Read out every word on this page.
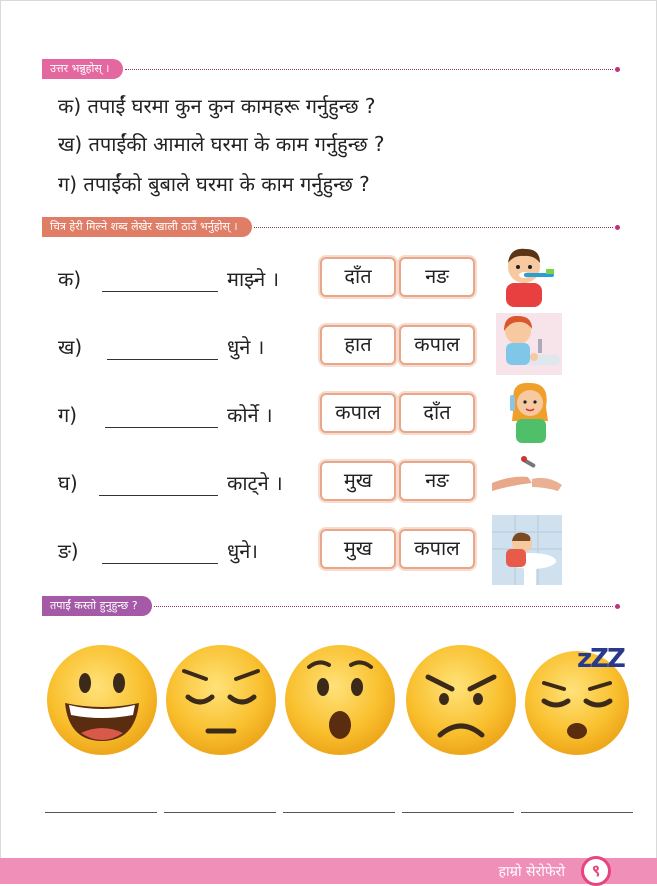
उत्तर भन्नुहोस् ।
क) तपाईं घरमा कुन कुन कामहरू गर्नुहुन्छ ?
ख) तपाईंकी आमाले घरमा के काम गर्नुहुन्छ ?
ग) तपाईंको बुबाले घरमा के काम गर्नुहुन्छ ?
चित्र हेरी मिल्ने शब्द लेखेर खाली ठाउँ भर्नुहोस् ।
क)	माझ्ने ।	दाँत	नङ
ख)	धुने ।	हात	कपाल
ग)	कोर्ने ।	कपाल	दाँत
घ)	काट्ने ।	मुख	नङ
ङ)	धुने।	मुख	कपाल
तपाईं कस्तो हुनुहुन्छ ?
zZZ
हाम्रो सेरोफेरो	९
